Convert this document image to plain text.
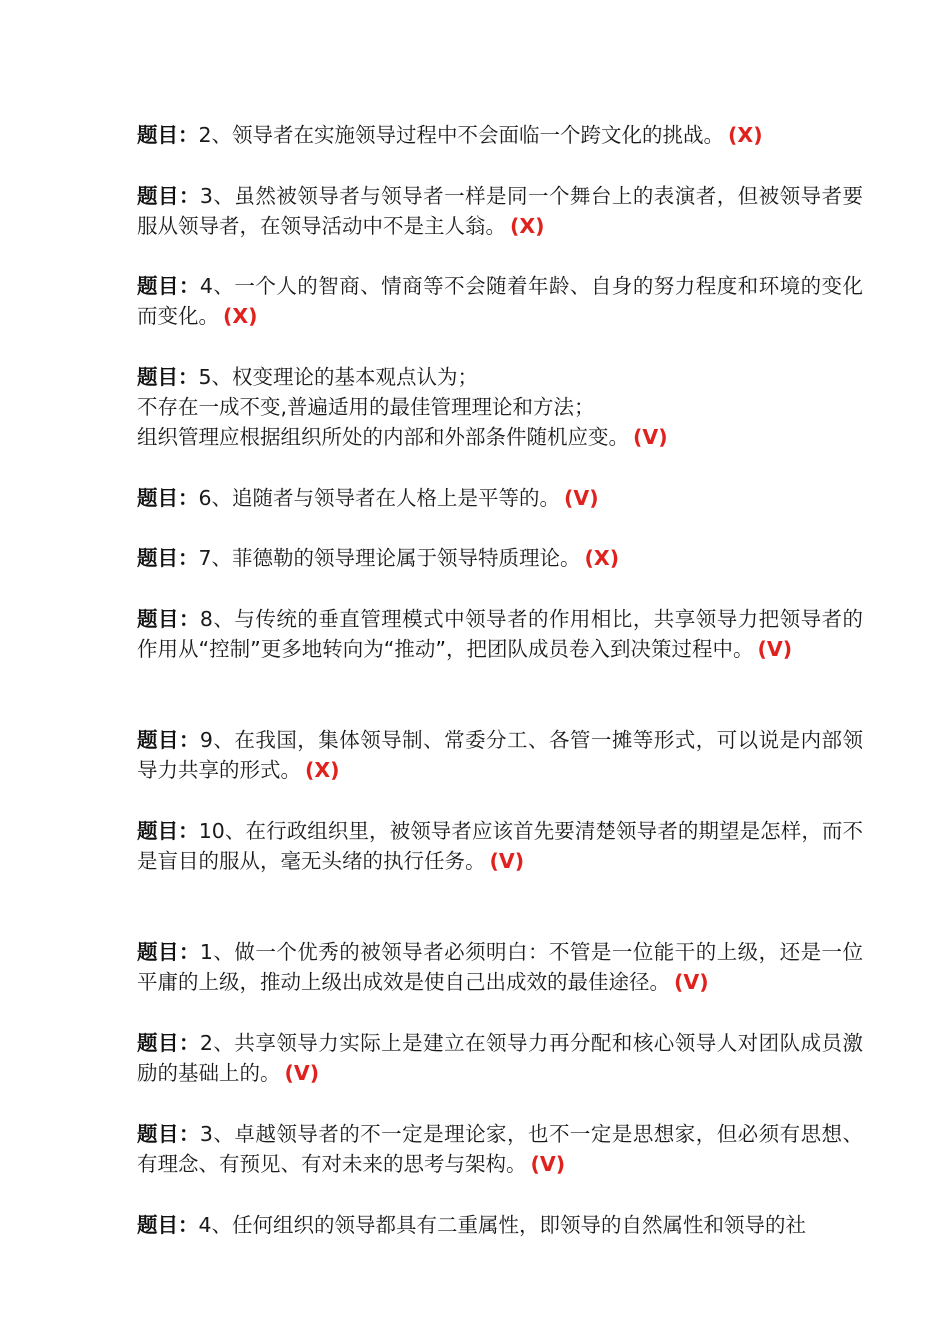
题目：2、领导者在实施领导过程中不会面临一个跨文化的挑战。 (X)
题目：3、虽然被领导者与领导者一样是同一个舞台上的表演者，但被领导者要服从领导者，在领导活动中不是主人翁。 (X)
题目：4、一个人的智商、情商等不会随着年龄、自身的努力程度和环境的变化而变化。 (X)
题目：5、权变理论的基本观点认为；
不存在一成不变,普遍适用的最佳管理理论和方法；
组织管理应根据组织所处的内部和外部条件随机应变。 (V)
题目：6、追随者与领导者在人格上是平等的。 (V)
题目：7、菲德勒的领导理论属于领导特质理论。 (X)
题目：8、与传统的垂直管理模式中领导者的作用相比，共享领导力把领导者的作用从“控制”更多地转向为“推动”，把团队成员卷入到决策过程中。 (V)
题目：9、在我国，集体领导制、常委分工、各管一摊等形式，可以说是内部领导力共享的形式。 (X)
题目：10、在行政组织里，被领导者应该首先要清楚领导者的期望是怎样，而不是盲目的服从，毫无头绪的执行任务。 (V)
题目：1、做一个优秀的被领导者必须明白：不管是一位能干的上级，还是一位平庸的上级，推动上级出成效是使自己出成效的最佳途径。 (V)
题目：2、共享领导力实际上是建立在领导力再分配和核心领导人对团队成员激励的基础上的。 (V)
题目：3、卓越领导者的不一定是理论家，也不一定是思想家，但必须有思想、有理念、有预见、有对未来的思考与架构。 (V)
题目：4、任何组织的领导都具有二重属性，即领导的自然属性和领导的社
